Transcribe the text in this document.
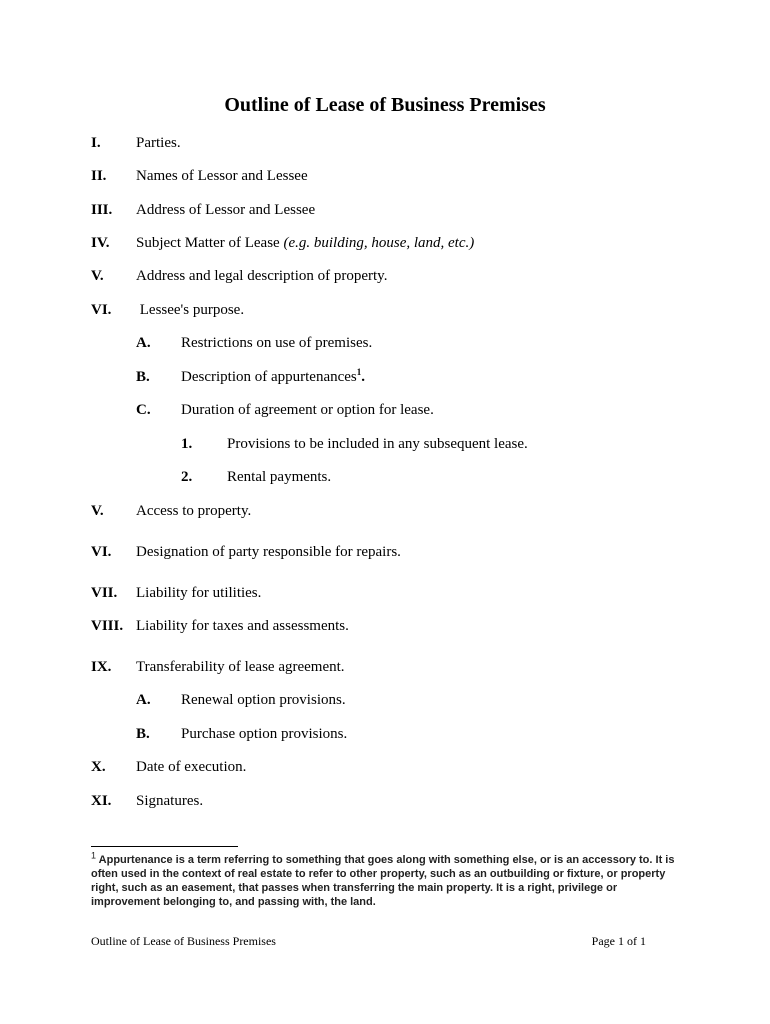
Outline of Lease of Business Premises
I. Parties.
II. Names of Lessor and Lessee
III. Address of Lessor and Lessee
IV. Subject Matter of Lease (e.g. building, house, land, etc.)
V. Address and legal description of property.
VI. Lessee's purpose.
A. Restrictions on use of premises.
B. Description of appurtenances$^1$.
C. Duration of agreement or option for lease.
1. Provisions to be included in any subsequent lease.
2. Rental payments.
V. Access to property.
VI. Designation of party responsible for repairs.
VII. Liability for utilities.
VIII. Liability for taxes and assessments.
IX. Transferability of lease agreement.
A. Renewal option provisions.
B. Purchase option provisions.
X. Date of execution.
XI. Signatures.
$^1$ Appurtenance is a term referring to something that goes along with something else, or is an accessory to. It is often used in the context of real estate to refer to other property, such as an outbuilding or fixture, or property right, such as an easement, that passes when transferring the main property. It is a right, privilege or improvement belonging to, and passing with, the land.
Outline of Lease of Business Premises	Page 1 of 1
